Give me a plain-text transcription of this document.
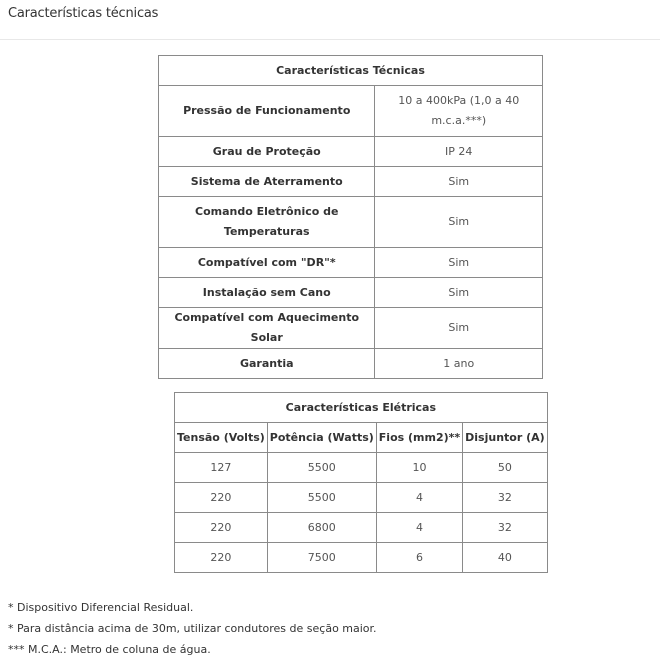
Características técnicas
Características Técnicas	
Pressão de Funcionamento	10 a 400kPa (1,0 a 40 m.c.a.***)
Grau de Proteção	IP 24
Sistema de Aterramento	Sim
Comando Eletrônico de Temperaturas	Sim
Compatível com "DR"*	Sim
Instalação sem Cano	Sim
Compatível com Aquecimento Solar	Sim
Garantia	1 ano
Características Elétricas			
Tensão (Volts)	Potência (Watts)	Fios (mm2)**	Disjuntor (A)
127	5500	10	50
220	5500	4	32
220	6800	4	32
220	7500	6	40
* Dispositivo Diferencial Residual.
* Para distância acima de 30m, utilizar condutores de seção maior.
*** M.C.A.: Metro de coluna de água.
